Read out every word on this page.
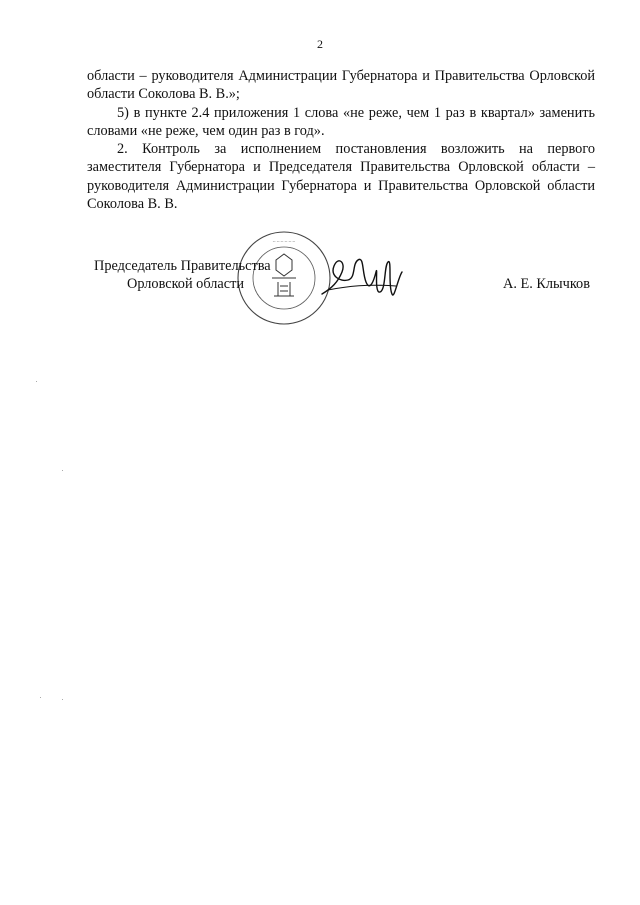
2

области – руководителя Администрации Губернатора и Правительства Орловской области Соколова В. В.»;

5) в пункте 2.4 приложения 1 слова «не реже, чем 1 раз в квартал» заменить словами «не реже, чем один раз в год».

2. Контроль за исполнением постановления возложить на первого заместителя Губернатора и Председателя Правительства Орловской области – руководителя Администрации Губернатора и Правительства Орловской области Соколова В. В.

~ ~ ~ ~ ~ ~
Председатель Правительства
Орловской области	А. Е. Клычков
